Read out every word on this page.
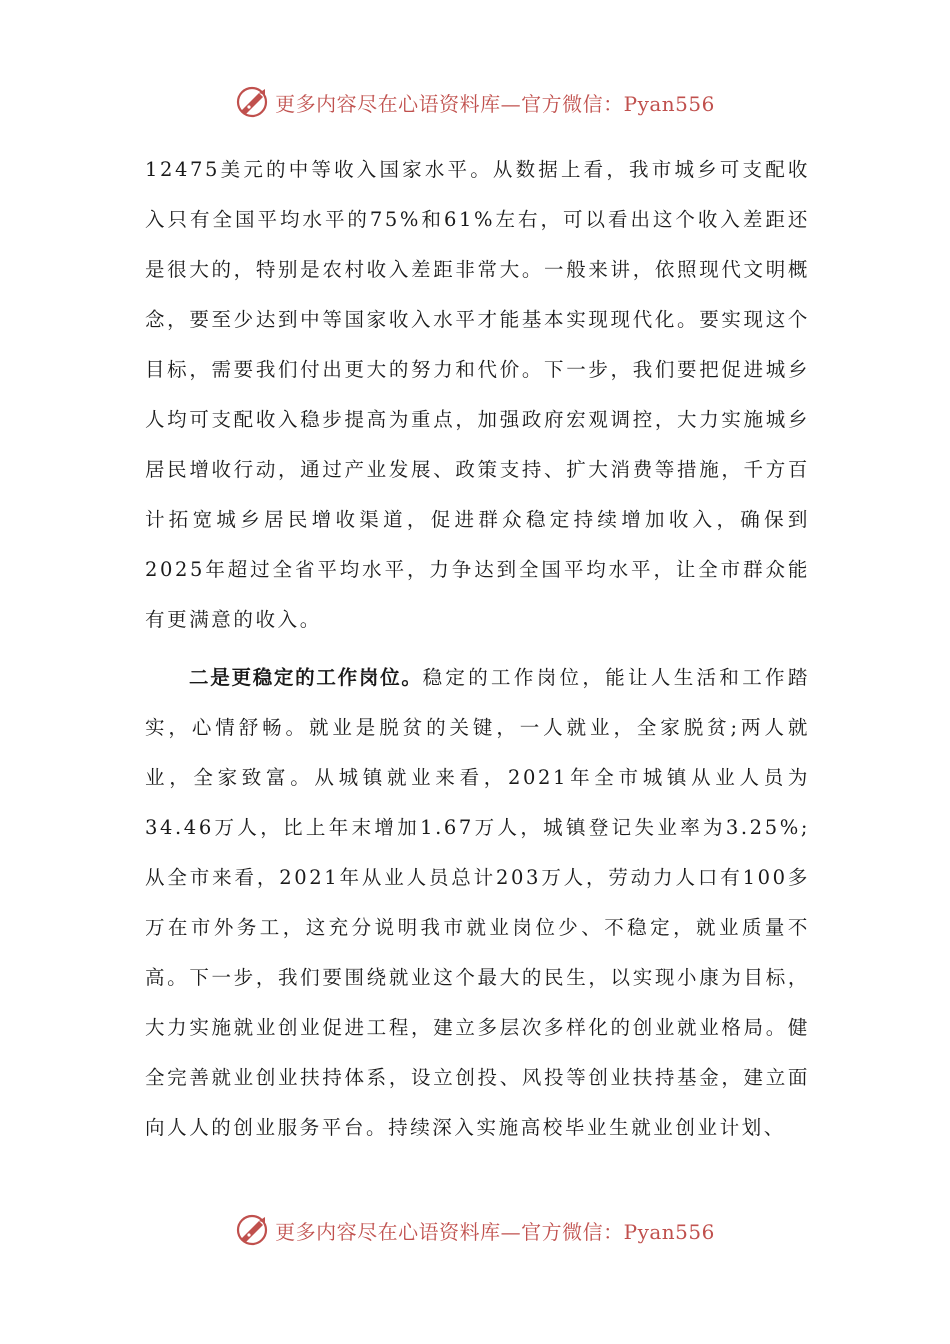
更多内容尽在心语资料库—官方微信：Pyan556

12475美元的中等收入国家水平。从数据上看，我市城乡可支配收入只有全国平均水平的75%和61%左右，可以看出这个收入差距还是很大的，特别是农村收入差距非常大。一般来讲，依照现代文明概念，要至少达到中等国家收入水平才能基本实现现代化。要实现这个目标，需要我们付出更大的努力和代价。下一步，我们要把促进城乡人均可支配收入稳步提高为重点，加强政府宏观调控，大力实施城乡居民增收行动，通过产业发展、政策支持、扩大消费等措施，千方百计拓宽城乡居民增收渠道，促进群众稳定持续增加收入，确保到2025年超过全省平均水平，力争达到全国平均水平，让全市群众能有更满意的收入。

二是更稳定的工作岗位。稳定的工作岗位，能让人生活和工作踏实，心情舒畅。就业是脱贫的关键，一人就业，全家脱贫;两人就业，全家致富。从城镇就业来看，2021年全市城镇从业人员为34.46万人，比上年末增加1.67万人，城镇登记失业率为3.25%;从全市来看，2021年从业人员总计203万人，劳动力人口有100多万在市外务工，这充分说明我市就业岗位少、不稳定，就业质量不高。下一步，我们要围绕就业这个最大的民生，以实现小康为目标，大力实施就业创业促进工程，建立多层次多样化的创业就业格局。健全完善就业创业扶持体系，设立创投、风投等创业扶持基金，建立面向人人的创业服务平台。持续深入实施高校毕业生就业创业计划、

更多内容尽在心语资料库—官方微信：Pyan556
